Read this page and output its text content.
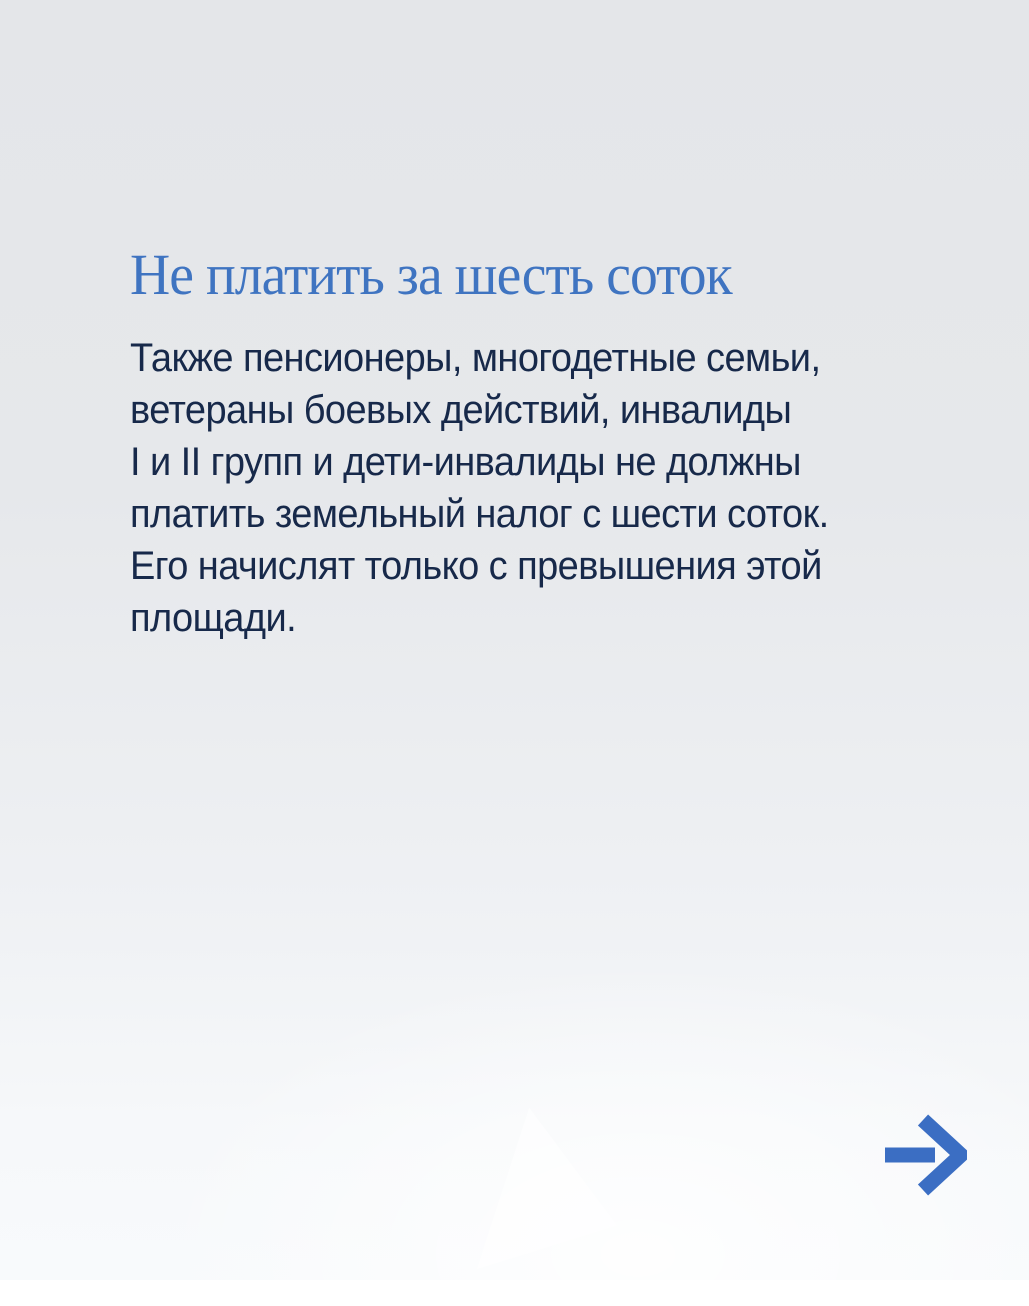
Не платить за шесть соток
Также пенсионеры, многодетные семьи,
ветераны боевых действий, инвалиды
I и II групп и дети-инвалиды не должны
платить земельный налог с шести соток.
Его начислят только с превышения этой
площади.
